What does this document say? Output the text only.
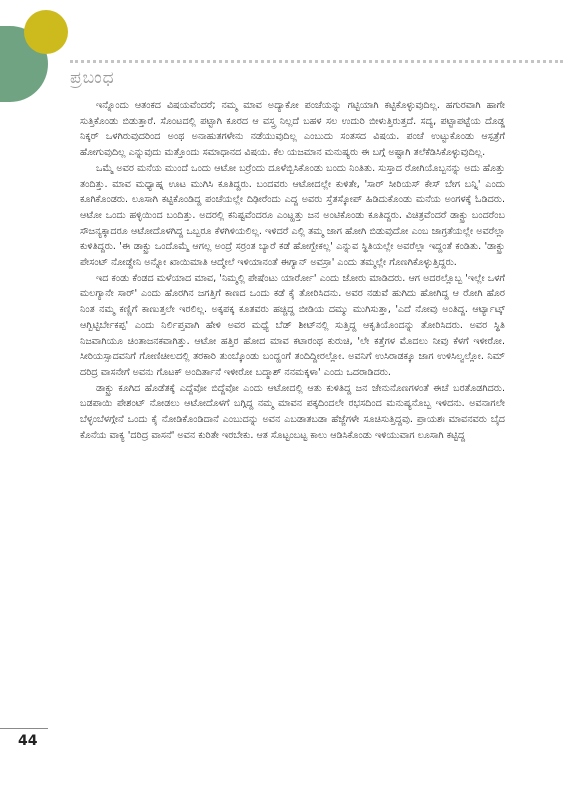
ಪ್ರಬಂಧ

ಇನ್ನೊಂದು ಆತಂಕದ ವಿಷಯವೆಂದರೆ; ನಮ್ಮ ಮಾವ ಅದ್ಯಾಕೋ ಪಂಚೆಯನ್ನು ಗಟ್ಟಿಯಾಗಿ ಕಟ್ಟಿಕೊಳ್ಳುವುದಿಲ್ಲ. ಹಗುರವಾಗಿ ಹಾಗೇ ಸುತ್ತಿಕೊಂಡು ಬಿಡುತ್ತಾರೆ. ಸೊಂಟದಲ್ಲಿ ಪಟ್ಟಾಗಿ ಕೂರದ ಆ ವಸ್ತ್ರ ನಿಲ್ಲದೆ ಬಹಳ ಸಲ ಉದುರಿ ಬೀಳುತ್ತಿರುತ್ತದೆ. ಸದ್ಯ, ಪಟ್ಟಾಪಟ್ಟೆಯ ದೊಡ್ಡ ನಿಕ್ಕರ್ ಒಳಗಿರುವುದರಿಂದ ಅಂಥ ಅನಾಹುತಗಳೇನು ನಡೆಯುವುದಿಲ್ಲ ಎಂಬುದು ಸಂತಸದ ವಿಷಯ. ಪಂಚೆ ಉಟ್ಟುಕೊಂಡು ಆಸ್ಪತ್ರೆಗೆ ಹೋಗುವುದಿಲ್ಲ ಎನ್ನುವುದು ಮತ್ತೊಂದು ಸಮಾಧಾನದ ವಿಷಯ. ಕೆಲ ಯಜಮಾನ ಮನುಷ್ಯರು ಈ ಬಗ್ಗೆ ಅಷ್ಟಾಗಿ ತಲೆಕೆಡಿಸಿಕೊಳ್ಳುವುದಿಲ್ಲ.

ಒಮ್ಮೆ ಅವರ ಮನೆಯ ಮುಂದೆ ಒಂದು ಆಟೋ ಬರ್ರೆಂದು ದೂಳೆಬ್ಬಿಸಿಕೊಂಡು ಬಂದು ನಿಂತಿತು. ಸುಸ್ತಾದ ರೋಗಿಯೊಬ್ಬನನ್ನು ಅದು ಹೊತ್ತು ತಂದಿತ್ತು. ಮಾವ ಮಧ್ಯಾಹ್ನ ಊಟ ಮುಗಿಸಿ ಕೂತಿದ್ದರು. ಬಂದವರು ಆಟೋದಲ್ಲೇ ಕುಳಿತೇ, 'ಸಾರ್ ಸೀರಿಯಸ್ ಕೇಸ್ ಬೇಗ ಬನ್ನಿ' ಎಂದು ಕೂಗಿಕೊಂಡರು. ಲೂಸಾಗಿ ಕಟ್ಟಿಕೊಂಡಿದ್ದ ಪಂಚೆಯಲ್ಲೇ ದಿಢೀರೆಂದು ಎದ್ದ ಅವರು ಸ್ತೆತಸ್ಕೋಪ್ ಹಿಡಿದುಕೊಂಡು ಮನೆಯ ಅಂಗಳಕ್ಕೆ ಓಡಿದರು. ಆಟೋ ಒಂದು ಹಳ್ಳಿಯಿಂದ ಬಂದಿತ್ತು. ಅದರಲ್ಲಿ ಕನಿಷ್ಟವೆಂದರೂ ಎಂಟ್ಹತ್ತು ಜನ ಅಂಟಿಕೊಂಡು ಕೂತಿದ್ದರು. ವಿಚಿತ್ರವೆಂದರೆ ಡಾಕ್ಟ್ರು ಬಂದರೆಂಬ ಸೌಜನ್ಯಕ್ಕಾದರೂ ಆಟೋದೊಳಗಿದ್ದ ಒಬ್ಬರೂ ಕೆಳಗಿಳಿಯಲಿಲ್ಲ. ಇಳಿದರೆ ಎಲ್ಲಿ ತಮ್ಮ ಜಾಗ ಹೋಗಿ ಬಿಡುವುದೋ ಎಂಬ ಜಾಗ್ರತೆಯಲ್ಲೇ ಅವರೆಲ್ಲಾ ಕುಳಿತಿದ್ದರು. 'ಈ ಡಾಕ್ಟ್ರು ಒಂದೊಮ್ಮೆ ಆಗಲ್ಲ ಅಂದ್ರೆ ಸರ್ರಂತ ಬ್ಯಾರೆ ಕಡೆ ಹೋಗ್ಬೇಕಲ್ಲ' ಎನ್ನುವ ಸ್ಥಿತಿಯಲ್ಲೇ ಅವರೆಲ್ಲಾ ಇದ್ದಂತೆ ಕಂಡಿತು. 'ಡಾಕ್ಟ್ರು ಪೇಸಂಟ್ ನೋಡ್ದೇನಿ ಅನ್ನೋ ಖಾಯಿಮಾತಿ ಆದ್ಮೇಲೆ ಇಳಿಯಾನಂತೆ ಈಗ್ಯಾನ್ ಅವಸ್ರಾ' ಎಂದು ತಮ್ಮಲ್ಲೇ ಗೊಣಗಿಕೊಳ್ಳುತ್ತಿದ್ದರು.

ಇದ ಕಂಡು ಕೆಂಡದ ಮಳೆಯಾದ ಮಾವ, 'ನಿಮ್ಮಲ್ಲಿ ಪೇಷೆಂಟು ಯಾರ್ರೋ' ಎಂದು ಜೋರು ಮಾಡಿದರು. ಆಗ ಅದರಲ್ಲೊಬ್ಬ 'ಇಲ್ಲೇ ಒಳಗೆ ಮಲಗ್ಯಾನೇ ಸಾರ್' ಎಂದು ಹೊರಗಿನ ಜಗತ್ತಿಗೆ ಕಾಣದ ಒಂದು ಕಡೆ ಕೈ ತೋರಿಸಿದನು. ಅವರ ನಡುವೆ ಹುಗಿದು ಹೋಗಿದ್ದ ಆ ರೋಗಿ ಹೊರ ನಿಂತ ನಮ್ಮ ಕಣ್ಣಿಗೆ ಕಾಣುತ್ತಲೇ ಇರಲಿಲ್ಲ. ಅಕ್ಕಪಕ್ಕ ಕೂತವರು ಹಚ್ಚಿದ್ದ ಬೀಡಿಯ ದಮ್ಮು ಮುಗಿಸುತ್ತಾ, 'ಎದೆ ನೋವು ಅಂತಿದ್ದ. ಆರ್ಟ್ಯಾಟ್ಕ್ ಆಗ್ಬಿಟ್ಟಿರ್ಬೇಕಪ್ಪ' ಎಂದು ನಿರ್ಲಿಪ್ತವಾಗಿ ಹೇಳಿ ಅವರ ಮಧ್ಯೆ ಬೆಡ್ ಶೀಟ್‌ನಲ್ಲಿ ಸುತ್ತಿದ್ದ ಆಕೃತಿಯೊಂದನ್ನು ತೋರಿಸಿದರು. ಅವರ ಸ್ಥಿತಿ ನಿಜವಾಗಿಯೂ ಚಿಂತಾಜನಕವಾಗಿತ್ತು. ಆಟೋ ಹತ್ತಿರ ಹೋದ ಮಾವ ಕಟಾರಂಥ ಕುರುಚಿ, 'ಲೇ ಕತ್ತೆಗಳ ಮೊದಲು ನೀವು ಕೆಳಗೆ ಇಳೀರೋ. ಸೀರಿಯಸ್ಸಾದವನಿಗೆ ಗೋಣಿಚೀಲದಲ್ಲಿ ತರಕಾರಿ ತುಂಬ್ಕೊಂಡು ಬಂದ್ಹಂಗೆ ತಂದಿದ್ದೀರಲ್ಲೋ. ಅವನಿಗೆ ಉಸಿರಾಡಕ್ಕೂ ಜಾಗ ಉಳಿಸಿಲ್ವಲ್ಲೋ. ನಿಮ್ ದರಿದ್ರ ವಾಸನೇಗೆ ಅವನು ಗೊಟಕ್ ಅಂದಿರ್ತಾನೆ ಇಳೀರೋ ಬದ್ಮಾಶ್ ನನಮಕ್ಕಳಾ' ಎಂದು ಒದರಾಡಿದರು.

ಡಾಕ್ಟ್ರು ಕೂಗಿದ ಹೊಡೆತಕ್ಕೆ ಎದ್ದೆವೋ ಬಿದ್ದೆವೋ ಎಂದು ಆಟೋದಲ್ಲಿ ಆತು ಕುಳಿತಿದ್ದ ಜನ ಜೇನುನೊಣಗಳಂತೆ ಈಚೆ ಬರತೊಡಗಿದರು. ಬಡಪಾಯಿ ಪೇಶಂಟ್ ನೋಡಲು ಆಟೋದೊಳಗೆ ಬಗ್ಗಿದ್ದ ನಮ್ಮ ಮಾವನ ಪಕ್ಕದಿಂದಲೇ ರಭಸದಿಂದ ಮನುಷ್ಯನೊಬ್ಬ ಇಳಿದನು. ಅವನಾಗಲೇ ಬೆಳ್ಳಂಬೆಳಗ್ಗೇನೆ ಒಂದು ಕೈ ನೋಡಿಕೊಂಡಿದಾನೆ ಎಂಬುದನ್ನು ಅವನ ಎಬಡಾತಬಡಾ ಹೆಜ್ಜೆಗಳೇ ಸೂಚಿಸುತ್ತಿದ್ದವು. ಪ್ರಾಯಶಃ ಮಾವನವರು ಬೈದ ಕೊನೆಯ ವಾಕ್ಯ 'ದರಿದ್ರ ವಾಸನೆ' ಅವನ ಕುರಿತೇ ಇರಬೇಕು. ಆತ ಸೊಟ್ಟಂಬಟ್ಟ ಕಾಲು ಆಡಿಸಿಕೊಂಡು ಇಳಿಯುವಾಗ ಲೂಸಾಗಿ ಕಟ್ಟಿದ್ದ

44
